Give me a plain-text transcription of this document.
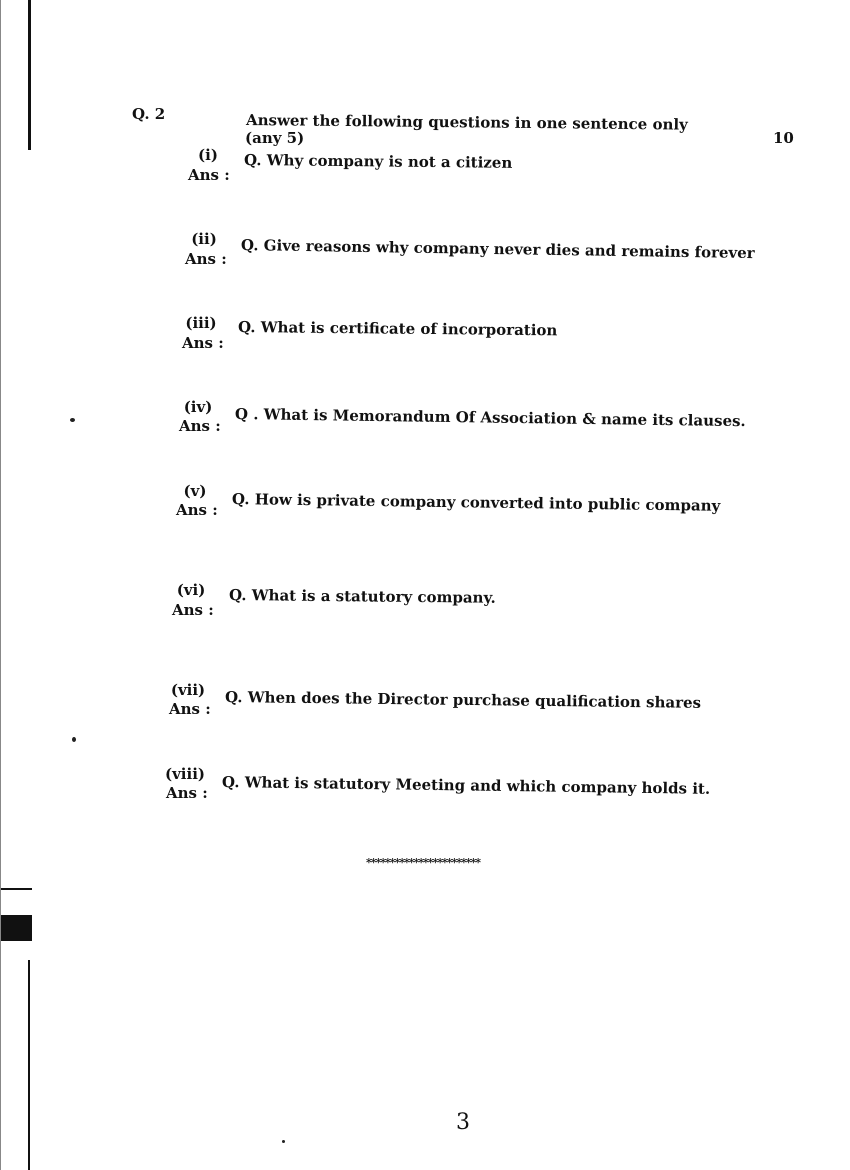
Q. 2	Answer the following questions in one sentence only
(any 5)	10
(i)	Q. Why company is not a citizen
Ans :
(ii)	Q. Give reasons why company never dies and remains forever
Ans :
(iii)	Q. What is certificate of incorporation
Ans :
(iv)	Q . What is Memorandum Of Association & name its clauses.
Ans :
(v)	Q. How is private company converted into public company
Ans :
(vi)	Q. What is a statutory company.
Ans :
(vii)	Q. When does the Director purchase qualification shares
Ans :
(viii)	Q. What is statutory Meeting and which company holds it.
Ans :
************************
3
